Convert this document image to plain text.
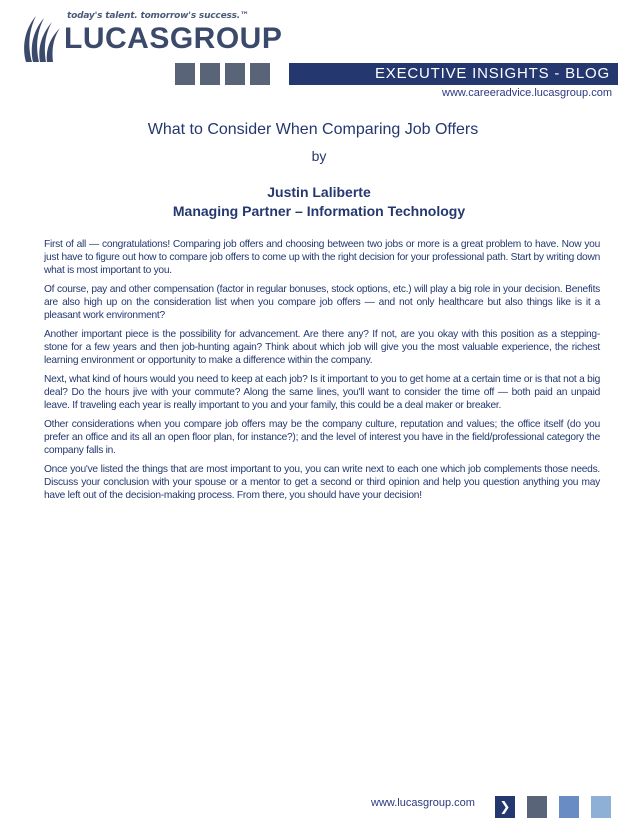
today's talent. tomorrow's success.™
LUCASGROUP
EXECUTIVE INSIGHTS - BLOG
www.careeradvice.lucasgroup.com
What to Consider When Comparing Job Offers
by
Justin Laliberte
Managing Partner – Information Technology

First of all — congratulations! Comparing job offers and choosing between two jobs or more is a great problem to have. Now you just have to figure out how to compare job offers to come up with the right decision for your professional path. Start by writing down what is most important to you.

Of course, pay and other compensation (factor in regular bonuses, stock options, etc.) will play a big role in your decision. Benefits are also high up on the consideration list when you compare job offers — and not only healthcare but also things like is it a pleasant work environment?

Another important piece is the possibility for advancement. Are there any? If not, are you okay with this position as a stepping-stone for a few years and then job-hunting again? Think about which job will give you the most valuable experience, the richest learning environment or opportunity to make a difference within the company.

Next, what kind of hours would you need to keep at each job? Is it important to you to get home at a certain time or is that not a big deal? Do the hours jive with your commute? Along the same lines, you'll want to consider the time off — both paid an unpaid leave. If traveling each year is really important to you and your family, this could be a deal maker or breaker.

Other considerations when you compare job offers may be the company culture, reputation and values; the office itself (do you prefer an office and its all an open floor plan, for instance?); and the level of interest you have in the field/professional category the company falls in.

Once you've listed the things that are most important to you, you can write next to each one which job complements those needs. Discuss your conclusion with your spouse or a mentor to get a second or third opinion and help you question anything you may have left out of the decision-making process. From there, you should have your decision!

www.lucasgroup.com ❯
